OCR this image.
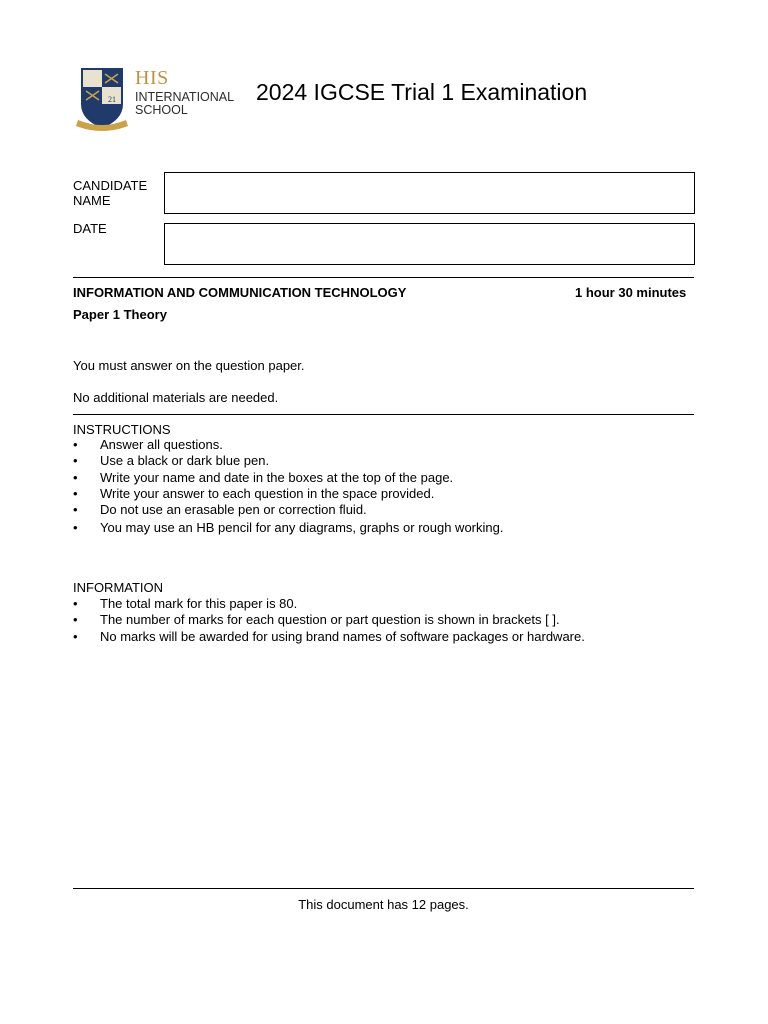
21
HIS
INTERNATIONAL
SCHOOL
2024 IGCSE Trial 1 Examination
CANDIDATE
NAME
DATE
INFORMATION AND COMMUNICATION TECHNOLOGY	1 hour 30 minutes
Paper 1 Theory
You must answer on the question paper.
No additional materials are needed.
INSTRUCTIONS
• Answer all questions.
• Use a black or dark blue pen.
• Write your name and date in the boxes at the top of the page.
• Write your answer to each question in the space provided.
• Do not use an erasable pen or correction fluid.
• You may use an HB pencil for any diagrams, graphs or rough working.
INFORMATION
• The total mark for this paper is 80.
• The number of marks for each question or part question is shown in brackets [ ].
• No marks will be awarded for using brand names of software packages or hardware.
This document has 12 pages.
